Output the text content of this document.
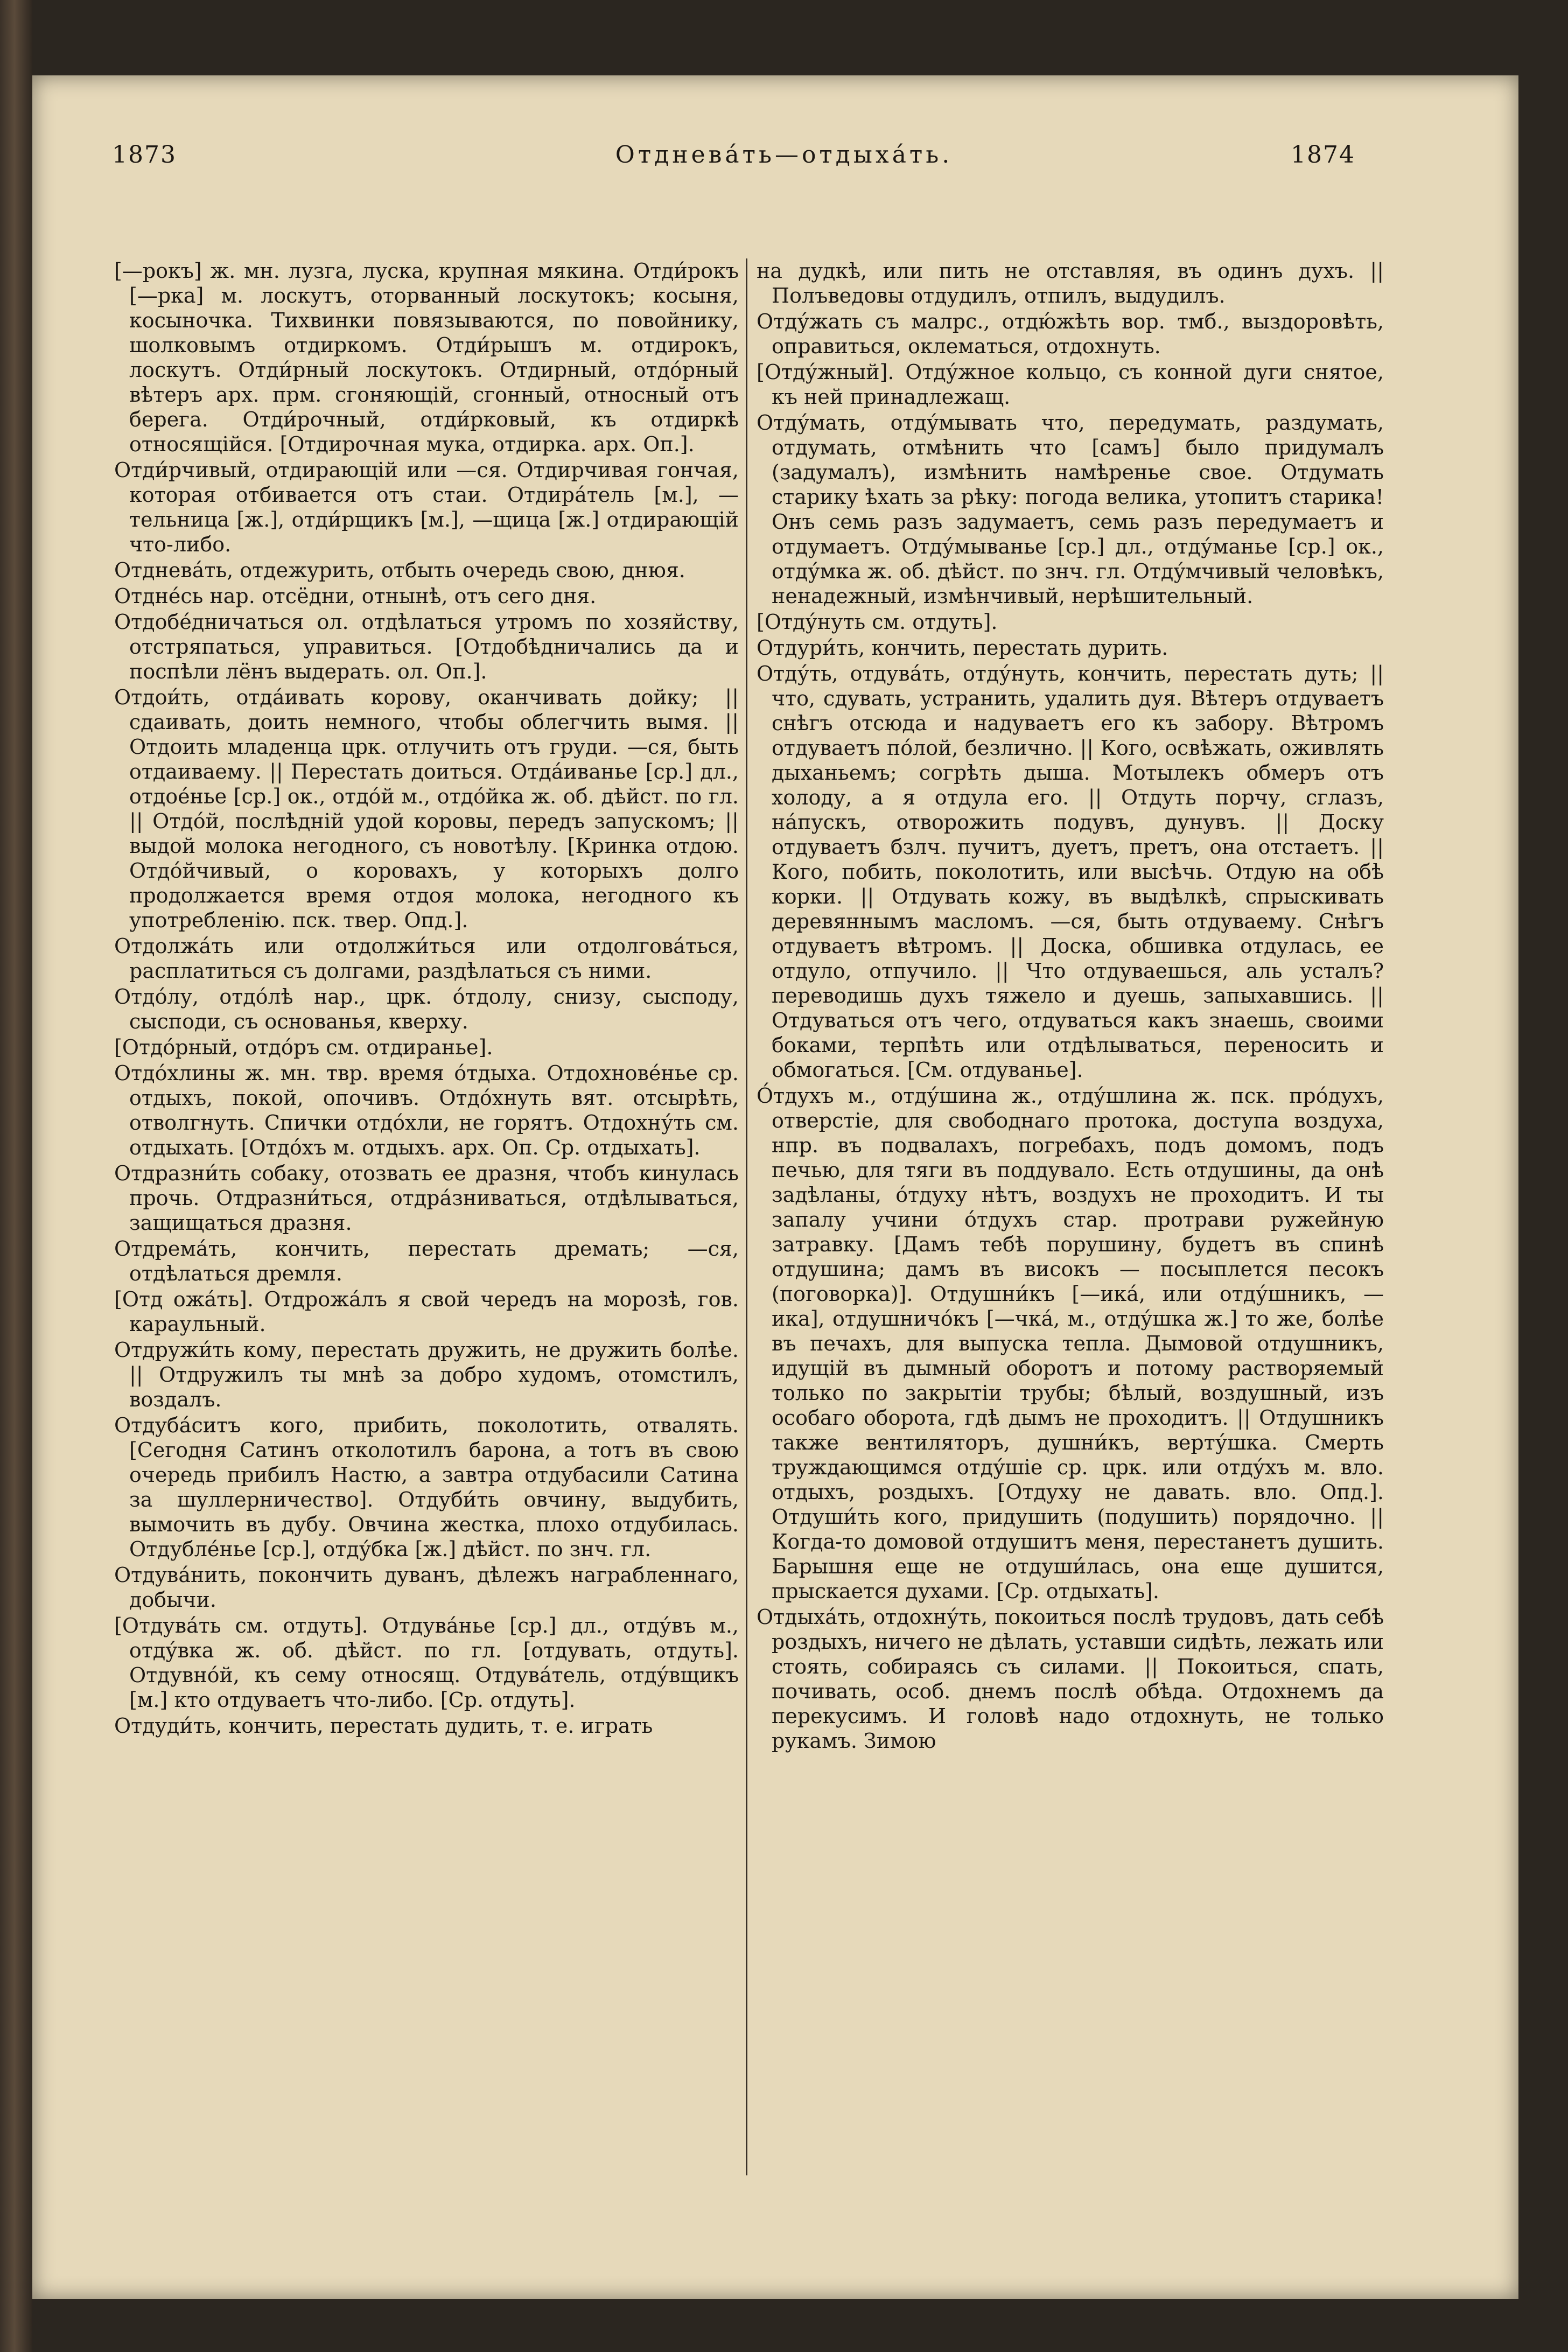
1873	Отдневáть—отдыхáть.	1874

[—рокъ] ж. мн. лузга, луска, крупная мякина. Отди́рокъ [—рка] м. лоскутъ, оторванный лоскутокъ; косыня, косыночка. Тихвинки повязываются, по повойнику, шолковымъ отдиркомъ. Отди́рышъ м. отдирокъ, лоскутъ. Отди́рный лоскутокъ. Отдирный, отдо́рный вѣтеръ арх. прм. сгоняющій, сгонный, относный отъ берега. Отди́рочный, отди́рковый, къ отдиркѣ относящійся. [Отдирочная мука, отдирка. арх. Оп.].

Отди́рчивый, отдирающій или —ся. Отдирчивая гончая, которая отбивается отъ стаи. Отдира́тель [м.], —тельница [ж.], отди́рщикъ [м.], —щица [ж.] отдирающій что-либо.

Отдневáть, отдежурить, отбыть очередь свою, днюя.

Отдне́сь нар. отсёдни, отнынѣ, отъ сего дня.

Отдобе́дничаться ол. отдѣлаться утромъ по хозяйству, отстряпаться, управиться. [Отдобѣдничались да и поспѣли лёнъ выдерать. ол. Оп.].

Отдои́ть, отда́ивать корову, оканчивать дойку; || сдаивать, доить немного, чтобы облегчить вымя. || Отдоить младенца црк. отлучить отъ груди. —ся, быть отдаиваему. || Перестать доиться. Отда́иванье [ср.] дл., отдое́нье [ср.] ок., отдо́й м., отдо́йка ж. об. дѣйст. по гл. || Отдо́й, послѣдній удой коровы, передъ запускомъ; || выдой молока негодного, съ новотѣлу. [Кринка отдою. Отдо́йчивый, о коровахъ, у которыхъ долго продолжается время отдоя молока, негодного къ употребленію. пск. твер. Опд.].

Отдолжáть или отдолжи́ться или отдолгова́ться, расплатиться съ долгами, раздѣлаться съ ними.

Отдо́лу, отдо́лѣ нар., црк. о́тдолу, снизу, сысподу, сысподи, съ основанья, кверху.

[Отдо́рный, отдо́ръ см. отдиранье].

Отдо́хлины ж. мн. твр. время о́тдыха. Отдохнове́нье ср. отдыхъ, покой, опочивъ. Отдо́хнуть вят. отсырѣть, отволгнуть. Спички отдо́хли, не горятъ. Отдохну́ть см. отдыхать. [Отдо́хъ м. отдыхъ. арх. Оп. Ср. отдыхать].

Отдразни́ть собаку, отозвать ее дразня, чтобъ кинулась прочь. Отдразни́ться, отдра́зниваться, отдѣлываться, защищаться дразня.

Отдремáть, кончить, перестать дремать; —ся, отдѣлаться дремля.

[Отд ожа́ть]. Отдрожа́лъ я свой чередъ на морозѣ, гов. караульный.

Отдружи́ть кому, перестать дружить, не дружить болѣе. || Отдружилъ ты мнѣ за добро худомъ, отомстилъ, воздалъ.

Отдуба́ситъ кого, прибить, поколотить, отвалять. [Сегодня Сатинъ отколотилъ барона, а тотъ въ свою очередь прибилъ Настю, а завтра отдубасили Сатина за шуллерничество]. Отдуби́ть овчину, выдубить, вымочить въ дубу. Овчина жестка, плохо отдубилась. Отдубле́нье [ср.], отду́бка [ж.] дѣйст. по знч. гл.

Отдува́нить, покончить дуванъ, дѣлежъ награбленнаго, добычи.

[Отдува́ть см. отдуть]. Отдува́нье [ср.] дл., отду́въ м., отду́вка ж. об. дѣйст. по гл. [отдувать, отдуть]. Отдувно́й, къ сему относящ. Отдува́тель, отду́вщикъ [м.] кто отдуваетъ что-либо. [Ср. отдуть].

Отдуди́ть, кончить, перестать дудить, т. е. играть

на дудкѣ, или пить не отставляя, въ одинъ духъ. || Полъведовы отдудилъ, отпилъ, выдудилъ.

Отду́жать съ малрс., отдю́жѣть вор. тмб., выздоровѣть, оправиться, оклематься, отдохнуть.

[Отду́жный]. Отду́жное кольцо, съ конной дуги снятое, къ ней принадлежащ.

Отду́мать, отду́мывать что, передумать, раздумать, отдумать, отмѣнить что [самъ] было придумалъ (задумалъ), измѣнить намѣренье свое. Отдумать старику ѣхать за рѣку: погода велика, утопитъ старика! Онъ семь разъ задумаетъ, семь разъ передумаетъ и отдумаетъ. Отду́мыванье [ср.] дл., отду́манье [ср.] ок., отду́мка ж. об. дѣйст. по знч. гл. Отду́мчивый человѣкъ, ненадежный, измѣнчивый, нерѣшительный.

[Отду́нуть см. отдуть].

Отдури́ть, кончить, перестать дурить.

Отду́ть, отдува́ть, отду́нуть, кончить, перестать дуть; || что, сдувать, устранить, удалить дуя. Вѣтеръ отдуваетъ снѣгъ отсюда и надуваетъ его къ забору. Вѣтромъ отдуваетъ по́лой, безлично. || Кого, освѣжать, оживлять дыханьемъ; согрѣть дыша. Мотылекъ обмеръ отъ холоду, а я отдула его. || Отдуть порчу, сглазъ, на́пускъ, отворожить подувъ, дунувъ. || Доску отдуваетъ бзлч. пучитъ, дуетъ, претъ, она отстаетъ. || Кого, побить, поколотить, или высѣчь. Отдую на обѣ корки. || Отдувать кожу, въ выдѣлкѣ, спрыскивать деревяннымъ масломъ. —ся, быть отдуваему. Снѣгъ отдуваетъ вѣтромъ. || Доска, обшивка отдулась, ее отдуло, отпучило. || Что отдуваешься, аль усталъ? переводишь духъ тяжело и дуешь, запыхавшись. || Отдуваться отъ чего, отдуваться какъ знаешь, своими боками, терпѣть или отдѣлываться, переносить и обмогаться. [См. отдуванье].

О́тдухъ м., отду́шина ж., отду́шлина ж. пск. про́духъ, отверстіе, для свободнаго протока, доступа воздуха, нпр. въ подвалахъ, погребахъ, подъ домомъ, подъ печью, для тяги въ поддувало. Есть отдушины, да онѣ задѣланы, о́тдуху нѣтъ, воздухъ не проходитъ. И ты запалу учини о́тдухъ стар. протрави ружейную затравку. [Дамъ тебѣ порушину, будетъ въ спинѣ отдушина; дамъ въ високъ — посыплется песокъ (поговорка)]. Отдушни́къ [—ика́, или отду́шникъ, —ика], отдушничо́къ [—чка́, м., отду́шка ж.] то же, болѣе въ печахъ, для выпуска тепла. Дымовой отдушникъ, идущій въ дымный оборотъ и потому растворяемый только по закрытіи трубы; бѣлый, воздушный, изъ особаго оборота, гдѣ дымъ не проходитъ. || Отдушникъ также вентиляторъ, душни́къ, верту́шка. Смерть труждающимся отду́шіе ср. црк. или отду́хъ м. вло. отдыхъ, роздыхъ. [Отдуху не давать. вло. Опд.]. Отдуши́ть кого, придушить (подушить) порядочно. || Когда-то домовой отдушитъ меня, перестанетъ душить. Барышня еще не отдуши́лась, она еще душится, прыскается духами. [Ср. отдыхать].

Отдыхáть, отдохну́ть, покоиться послѣ трудовъ, дать себѣ роздыхъ, ничего не дѣлать, уставши сидѣть, лежать или стоять, собираясь съ силами. || Покоиться, спать, почивать, особ. днемъ послѣ обѣда. Отдохнемъ да перекусимъ. И головѣ надо отдохнуть, не только рукамъ. Зимою
